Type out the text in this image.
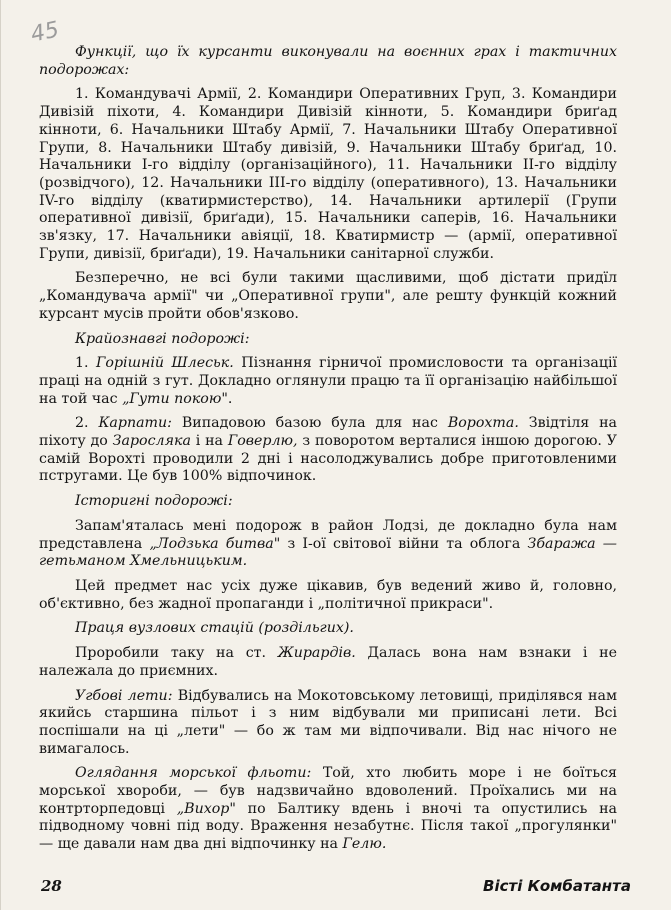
45

Функції, що їх курсанти виконували на воєнних грах і тактичних подорожах:

1. Командувачі Армії, 2. Командири Оперативних Груп, 3. Командири Дивізій піхоти, 4. Командири Дивізій кінноти, 5. Командири бриґад кінноти, 6. Начальники Штабу Армії, 7. Начальники Штабу Оперативної Групи, 8. Начальники Штабу дивізій, 9. Начальники Штабу бриґад, 10. Начальники І-го відділу (організаційного), 11. Начальники ІІ-го відділу (розвідчого), 12. Начальники ІІІ-го відділу (оперативного), 13. Начальники IV-го відділу (кватирмистерство), 14. Начальники артилерії (Групи оперативної дивізії, бриґади), 15. Начальники саперів, 16. Начальники зв'язку, 17. Начальники авіяції, 18. Кватирмистр — (армії, оперативної Групи, дивізії, бриґади), 19. Начальники санітарної служби.

Безперечно, не всі були такими щасливими, щоб дістати придїл „Командувача армії" чи „Оперативної групи", але решту функцій кожний курсант мусів пройти обов'язково.

Крайознавгі подорожі:

1. Горішній Шлеськ. Пізнання гірничої промисловости та організації праці на одній з гут. Докладно оглянули працю та її організацію найбільшої на той час „Гути покою".

2. Карпати: Випадовою базою була для нас Ворохта. Звідтіля на піхоту до Заросляка і на Говерлю, з поворотом верталися іншою дорогою. У самій Ворохті проводили 2 дні і насолоджувались добре приготовленими пстругами. Це був 100% відпочинок.

Історигні подорожі:

Запам'яталась мені подорож в район Лодзі, де докладно була нам представлена „Лодзька битва" з І-ої світової війни та облога Збаража —гетьманом Хмельницьким.

Цей предмет нас усіх дуже цікавив, був ведений живо й, головно, об'єктивно, без жадної пропаганди і „політичної прикраси".

Праця вузлових стацій (роздільгих).

Проробили таку на ст. Жирардів. Далась вона нам взнаки і не належала до приємних.

Угбові лети: Відбувались на Мокотовському летовищі, приділявся нам якийсь старшина пільот і з ним відбували ми приписані лети. Всі поспішали на ці „лети" — бо ж там ми відпочивали. Від нас нічого не вимагалось.

Оглядання морської фльоти: Той, хто любить море і не боїться морської хвороби, — був надзвичайно вдоволений. Проїхались ми на контрторпедовці „Вихор" по Балтику вдень і вночі та опустились на підводному човні під воду. Враження незабутнє. Після такої „прогулянки" — ще давали нам два дні відпочинку на Гелю.

28	Вісті Комбатанта
